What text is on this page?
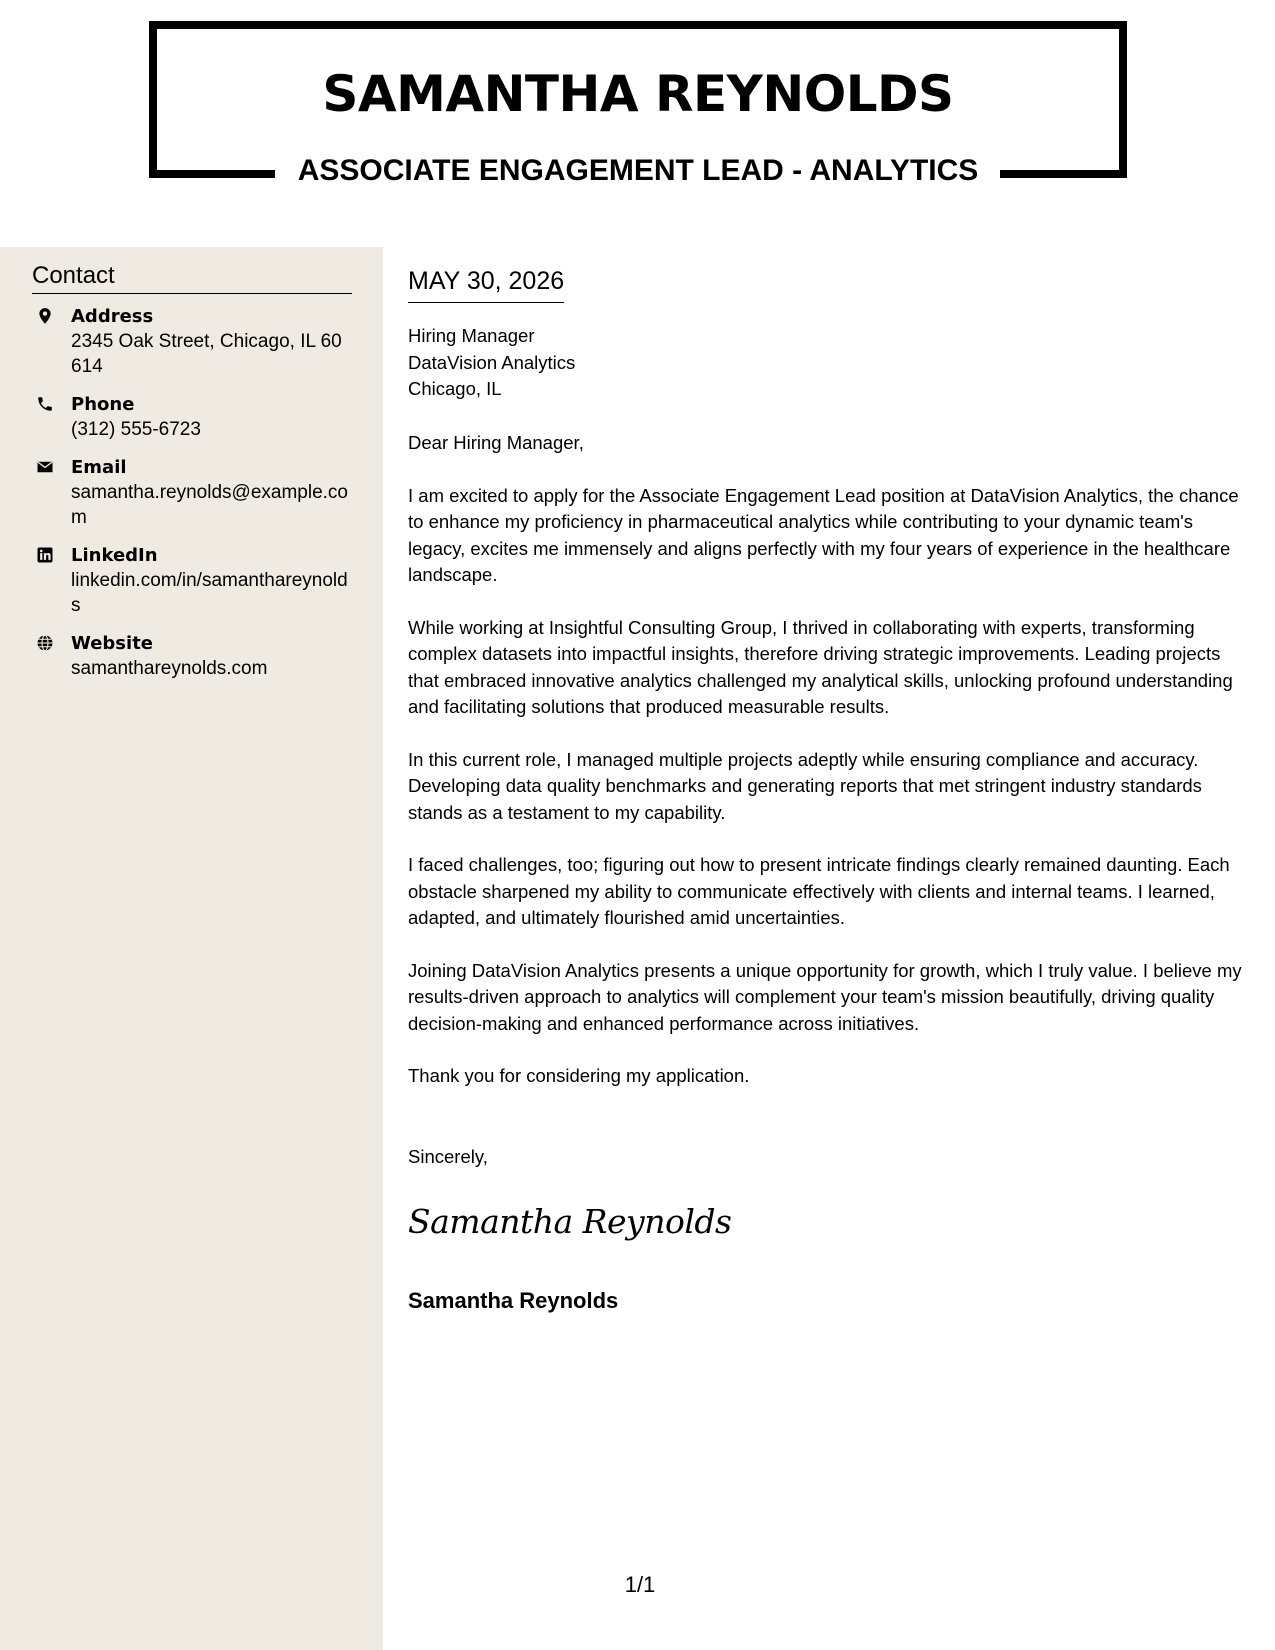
SAMANTHA REYNOLDS
ASSOCIATE ENGAGEMENT LEAD - ANALYTICS
Contact
Address
2345 Oak Street, Chicago, IL 60614
Phone
(312) 555-6723
Email
samantha.reynolds@example.com
LinkedIn
linkedin.com/in/samanthareynolds
Website
samanthareynolds.com
MAY 30, 2026
Hiring Manager
DataVision Analytics
Chicago, IL

Dear Hiring Manager,

I am excited to apply for the Associate Engagement Lead position at DataVision Analytics, the chance to enhance my proficiency in pharmaceutical analytics while contributing to your dynamic team's legacy, excites me immensely and aligns perfectly with my four years of experience in the healthcare landscape.

While working at Insightful Consulting Group, I thrived in collaborating with experts, transforming complex datasets into impactful insights, therefore driving strategic improvements. Leading projects that embraced innovative analytics challenged my analytical skills, unlocking profound understanding and facilitating solutions that produced measurable results.

In this current role, I managed multiple projects adeptly while ensuring compliance and accuracy. Developing data quality benchmarks and generating reports that met stringent industry standards stands as a testament to my capability.

I faced challenges, too; figuring out how to present intricate findings clearly remained daunting. Each obstacle sharpened my ability to communicate effectively with clients and internal teams. I learned, adapted, and ultimately flourished amid uncertainties.

Joining DataVision Analytics presents a unique opportunity for growth, which I truly value. I believe my results-driven approach to analytics will complement your team's mission beautifully, driving quality decision-making and enhanced performance across initiatives.

Thank you for considering my application.

Sincerely,
Samantha Reynolds
Samantha Reynolds
1/1
